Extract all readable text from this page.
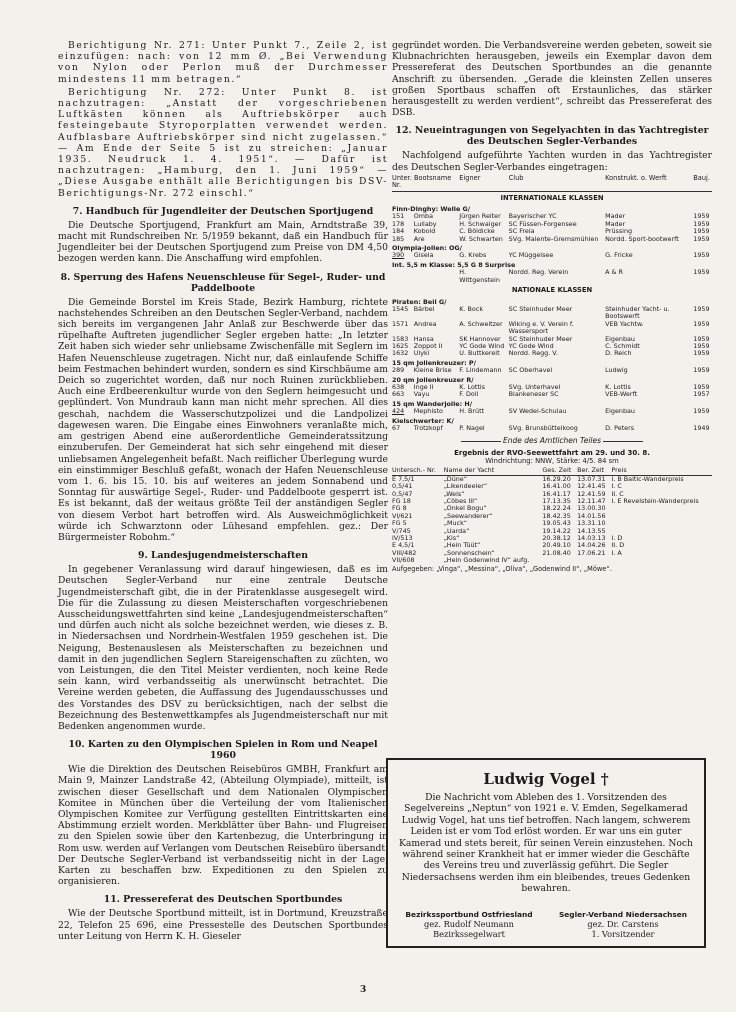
Berichtigung Nr. 271: Unter Punkt 7., Zeile 2, ist einzufügen: nach: von 12 mm Ø. „Bei Verwendung von Nylon oder Perlon muß der Durchmesser mindestens 11 mm betragen.“

Berichtigung Nr. 272: Unter Punkt 8. ist nachzutragen: „Anstatt der vorgeschriebenen Luftkästen können als Auftriebskörper auch festeingebaute Styroporplatten verwendet werden. Aufblasbare Auftriebskörper sind nicht zugelassen.“ — Am Ende der Seite 5 ist zu streichen: „Januar 1935. Neudruck 1. 4. 1951“. — Dafür ist nachzutragen: „Hamburg, den 1. Juni 1959“ — „Diese Ausgabe enthält alle Berichtigungen bis DSV-Berichtigungs-Nr. 272 einschl.“

7. Handbuch für Jugendleiter der Deutschen Sportjugend

Die Deutsche Sportjugend, Frankfurt am Main, Arndtstraße 39, macht mit Rundschreiben Nr. 5/1959 bekannt, daß ein Handbuch für Jugendleiter bei der Deutschen Sportjugend zum Preise von DM 4,50 bezogen werden kann. Die Anschaffung wird empfohlen.

8. Sperrung des Hafens Neuenschleuse für Segel-, Ruder- und Paddelboote

Die Gemeinde Borstel im Kreis Stade, Bezirk Hamburg, richtete nachstehendes Schreiben an den Deutschen Segler-Verband, nachdem sich bereits im vergangenen Jahr Anlaß zur Beschwerde über das rüpelhafte Auftreten jugendlicher Segler ergeben hatte: „In letzter Zeit haben sich wieder sehr unliebsame Zwischenfälle mit Seglern im Hafen Neuenschleuse zugetragen. Nicht nur, daß einlaufende Schiffe beim Festmachen behindert wurden, sondern es sind Kirschbäume am Deich so zugerichtet worden, daß nur noch Ruinen zurückblieben. Auch eine Erdbeerenkultur wurde von den Seglern heimgesucht und geplündert. Von Mundraub kann man nicht mehr sprechen. All dies geschah, nachdem die Wasserschutzpolizei und die Landpolizei dagewesen waren. Die Eingabe eines Einwohners veranlaßte mich, am gestrigen Abend eine außerordentliche Gemeinderatssitzung einzuberufen. Der Gemeinderat hat sich sehr eingehend mit dieser unliebsamen Angelegenheit befaßt. Nach reiflicher Überlegung wurde ein einstimmiger Beschluß gefaßt, wonach der Hafen Neuenschleuse vom 1. 6. bis 15. 10. bis auf weiteres an jedem Sonnabend und Sonntag für auswärtige Segel-, Ruder- und Paddelboote gesperrt ist. Es ist bekannt, daß der weitaus größte Teil der anständigen Segler von diesem Verbot hart betroffen wird. Als Ausweichmöglichkeit würde ich Schwarztonn oder Lühesand empfehlen. gez.: Der Bürgermeister Robohm.“

9. Landesjugendmeisterschaften

In gegebener Veranlassung wird darauf hingewiesen, daß es im Deutschen Segler-Verband nur eine zentrale Deutsche Jugendmeisterschaft gibt, die in der Piratenklasse ausgesegelt wird. Die für die Zulassung zu diesen Meisterschaften vorgeschriebenen Ausscheidungswettfahrten sind keine „Landesjugendmeisterschaften“ und dürfen auch nicht als solche bezeichnet werden, wie dieses z. B. in Niedersachsen und Nordrhein-Westfalen 1959 geschehen ist. Die Neigung, Bestenauslesen als Meisterschaften zu bezeichnen und damit in den jugendlichen Seglern Stareigenschaften zu züchten, wo von Leistungen, die den Titel Meister verdienten, noch keine Rede sein kann, wird verbandsseitig als unerwünscht betrachtet. Die Vereine werden gebeten, die Auffassung des Jugendausschusses und des Vorstandes des DSV zu berücksichtigen, nach der selbst die Bezeichnung des Bestenwettkampfes als Jugendmeisterschaft nur mit Bedenken angenommen wurde.

10. Karten zu den Olympischen Spielen in Rom und Neapel 1960

Wie die Direktion des Deutschen Reisebüros GMBH, Frankfurt am Main 9, Mainzer Landstraße 42, (Abteilung Olympiade), mitteilt, ist zwischen dieser Gesellschaft und dem Nationalen Olympischen Komitee in München über die Verteilung der vom Italienischen Olympischen Komitee zur Verfügung gestellten Eintrittskarten eine Abstimmung erzielt worden. Merkblätter über Bahn- und Flugreisen zu den Spielen sowie über den Kartenbezug, die Unterbringung in Rom usw. werden auf Verlangen vom Deutschen Reisebüro übersandt. Der Deutsche Segler-Verband ist verbandsseitig nicht in der Lage, Karten zu beschaffen bzw. Expeditionen zu den Spielen zu organisieren.

11. Pressereferat des Deutschen Sportbundes

Wie der Deutsche Sportbund mitteilt, ist in Dortmund, Kreuzstraße 22, Telefon 25 696, eine Pressestelle des Deutschen Sportbundes unter Leitung von Herrn K. H. Gieseler

gegründet worden. Die Verbandsvereine werden gebeten, soweit sie Klubnachrichten herausgeben, jeweils ein Exemplar davon dem Pressereferat des Deutschen Sportbundes an die genannte Anschrift zu übersenden. „Gerade die kleinsten Zellen unseres großen Sportbaus schaffen oft Erstaunliches, das stärker herausgestellt zu werden verdient“, schreibt das Pressereferat des DSB.

12. Neueintragungen von Segelyachten in das Yachtregister des Deutschen Segler-Verbandes

Nachfolgend aufgeführte Yachten wurden in das Yachtregister des Deutschen Segler-Verbandes eingetragen:

Unter. Bootsname Nr.		Eigner	Club	Konstrukt. o. Werft	Bauj.
INTERNATIONALE KLASSEN					
Finn-Dinghy: Welle G/					
151	Omba	Jürgen Reiter	Bayerischer YC	Mader	1959
178	Lullaby	H. Schwaiger	SC Füssen-Forgensee	Mader	1959
184	Kobold	C. Böldicke	SC Freia	Prüssing	1959
185	Are	W. Schwarten	SVg. Malente-Gremsmühlen	Nordd. Sport-bootwerft	1959
Olympia-Jollen: OG/					
390	Gisela	G. Krebs	YC Müggelsee	G. Fricke	1959
Int. 5,5 m Klasse: 5,5 G 8 Surprise					
		H. Wittgenstein	Nordd. Reg. Verein	A & R	1959
NATIONALE KLASSEN					
Piraten: Beil G/					
1545	Bärbel	K. Bock	SC Steinhuder Meer	Steinhuder Yacht- u. Bootswerft	1959
1571	Andrea	A. Schweitzer	Wiking e. V. Verein f. Wassersport	VEB Yachtw.	1959
1583	Hansa	SK Hannover	SC Steinhuder Meer	Eigenbau	1959
1625	Zoppot II	YC Gode Wind	YC Gode Wind	C. Schmidt	1959
1632	Ulyki	U. Buttkereit	Nordd. Regg. V.	D. Reich	1959
15 qm Jollenkreuzer: P/					
289	Kleine Brise	F. Lindemann	SC Oberhavel	Ludwig	1959
20 qm Jollenkreuzer R/					
638	Inge II	K. Lottis	SVg. Unterhavel	K. Lottis	1959
663	Vayu	F. Doll	Blankeneser SC	VEB-Werft	1957
15 qm Wanderjolle: H/					
424	Mephisto	H. Brütt	SV Wedel-Schulau	Eigenbau	1959
Kielschwerter: K/					
67	Trotzkopf	P. Nagel	SVg. Brunsbüttelkoog	D. Peters	1949
Ende des Amtlichen Teiles
Ergebnis der RVO-Seewettfahrt am 29. und 30. 8.
Windrichtung: NNW, Stärke: 4/5. 84 sm
Untersch.- Nr.	Name der Yacht	Ges. Zeit	Ber. Zeit	Preis
E 7,5/1	„Düne“	16.29.20	13.07.31	I. B Baltic-Wanderpreis
0,5/41	„Likendeeler“	16.41.00	12.41.45	I. C
0,5/47	„Wels“	16.41.17	12.41.59	II. C
FG 18	„Cöbes III“	17.13.35	12.11.47	I. E Revelstein-Wanderpreis
FG 8	„Onkel Bogu“	18.22.24	13.00.30	
VI/621	„Seewanderer“	18.42.35	14.01.56	
FG 5	„Muck“	19.05.43	13.31.10	
V/745	„Uarda“	19.14.22	14.13.55	
IV/513	„Kis“	20.38.12	14.03.13	I. D
E 4,5/1	„Hein Tüüt“	20.49.10	14.04.26	II. D
VIII/482	„Sonnenschein“	21.08.40	17.06.21	I. A
VII/608	„Hein Godenwind IV“ aufg.			
Aufgegeben: „Vinga“, „Messina“, „Oliva“, „Godenwind II“, „Möwe“.
Ludwig Vogel †

Die Nachricht vom Ableben des 1. Vorsitzenden des Segelvereins „Neptun“ von 1921 e. V. Emden, Segelkamerad Ludwig Vogel, hat uns tief betroffen. Nach langem, schwerem Leiden ist er vom Tod erlöst worden. Er war uns ein guter Kamerad und stets bereit, für seinen Verein einzustehen. Noch während seiner Krankheit hat er immer wieder die Geschäfte des Vereins treu und zuverlässig geführt. Die Segler Niedersachsens werden ihm ein bleibendes, treues Gedenken bewahren.

Bezirkssportbund Ostfriesland
gez. Rudolf Neumann
Bezirkssegelwart
Segler-Verband Niedersachsen
gez. Dr. Carstens
1. Vorsitzender
3
